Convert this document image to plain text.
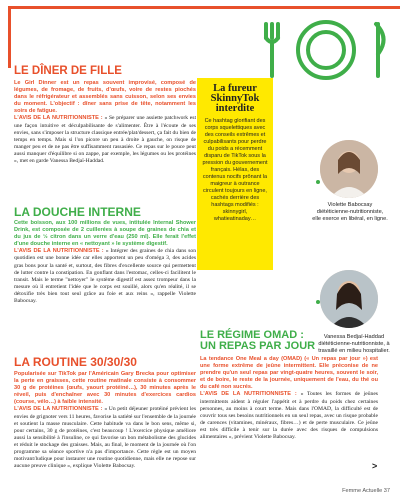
LE DÎNER DE FILLE
Le Girl Dinner est un repas souvent improvisé, composé de légumes, de fromage, de fruits, d'œufs, voire de restes piochés dans le réfrigérateur et assemblés sans cuisson, selon ses envies du moment. L'objectif : dîner sans prise de tête, notamment les soirs de fatigue.
L'AVIS DE LA NUTRITIONNISTE : « Se préparer une assiette patchwork est une façon intuitive et déculpabilisante de s'alimenter. Être à l'écoute de ses envies, sans s'imposer la structure classique entrée/plat/dessert, ça fait du bien de temps en temps. Mais si l'on picore un peu à droite à gauche, on risque de manger peu et de ne pas être suffisamment rassasiée. Ce repas sur le pouce peut aussi manquer d'équilibre si on zappe, par exemple, les légumes ou les protéines », met en garde Vanessa Bedjaï-Haddad.
LA DOUCHE INTERNE
Cette boisson, aux 100 millions de vues, intitulée Internal Shower Drink, est composée de 2 cuillerées à soupe de graines de chia et du jus de ½ citron dans un verre d'eau (250 ml). Elle ferait l'effet d'une douche interne en « nettoyant » le système digestif.
L'AVIS DE LA NUTRITIONNISTE : « Intégrer des graines de chia dans son quotidien est une bonne idée car elles apportent un peu d'oméga 3, des acides gras bons pour la santé et, surtout, des fibres d'excellente source qui permettent de lutter contre la constipation. En gonflant dans l'estomac, celles-ci facilitent le transit. Mais le terme "nettoyer" le système digestif est assez trompeur dans la mesure où il entretient l'idée que le corps est souillé, alors qu'en réalité, il se détoxifie très bien tout seul grâce au foie et aux reins », rappelle Violette Babocsay.
LA ROUTINE 30/30/30
Popularisée sur TikTok par l'Américain Gary Brecka pour optimiser la perte en graisses, cette routine matinale consiste à consommer 30 g de protéines (œufs, yaourt protéiné…), 30 minutes après le réveil, puis d'enchaîner avec 30 minutes d'exercices cardios (course, vélo…) à faible intensité.
L'AVIS DE LA NUTRITIONNISTE : « Un petit déjeuner protéiné prévient les envies de grignoter vers 11 heures, favorise la satiété sur l'ensemble de la journée et soutient la masse musculaire. Cette habitude va dans le bon sens, même si, pour certains, 30 g de protéines, c'est beaucoup ! L'exercice physique améliore aussi la sensibilité à l'insuline, ce qui favorise un bon métabolisme des glucides et réduit le stockage des graisses. Mais, au final, le moment de la journée où l'on programme sa séance sportive n'a pas d'importance. Cette règle est un moyen motivant/ludique pour instaurer une routine quotidienne, mais elle ne repose sur aucune preuve clinique », explique Violette Babocsay.
La fureur SkinnyTok interdite
Ce hashtag glorifiant des corps squelettiques avec des conseils extrêmes et culpabilisants pour perdre du poids a récemment disparu de TikTok sous la pression du gouvernement français. Hélas, des contenus nocifs prônant la maigreur à outrance circulent toujours en ligne, cachés derrière des hashtags modifiés : skinnygirl, whatieatinaday…
LE RÉGIME OMAD : UN REPAS PAR JOUR
La tendance One Meal a day (OMAD) (« Un repas par jour ») est une forme extrême de jeûne intermittent. Elle préconise de ne prendre qu'un seul repas par vingt-quatre heures, souvent le soir, et de boire, le reste de la journée, uniquement de l'eau, du thé ou du café non sucrés.
L'AVIS DE LA NUTRITIONNISTE : « Toutes les formes de jeûnes intermittents aident à réguler l'appétit et à perdre du poids chez certaines personnes, au moins à court terme. Mais dans l'OMAD, la difficulté est de couvrir tous ses besoins nutritionnels en un seul repas, avec un risque probable de carences (vitamines, minéraux, fibres…) et de perte musculaire. Ce jeûne est très difficile à tenir sur la durée avec des risques de compulsions alimentaires », prévient Violette Babocsay.
Violette Babocsay diététicienne-nutritionniste, elle exerce en libéral, en ligne.
Vanessa Bedjaï-Haddad diététicienne-nutritionniste, à travaillé en milieu hospitalier.
>
Femme Actuelle 37
